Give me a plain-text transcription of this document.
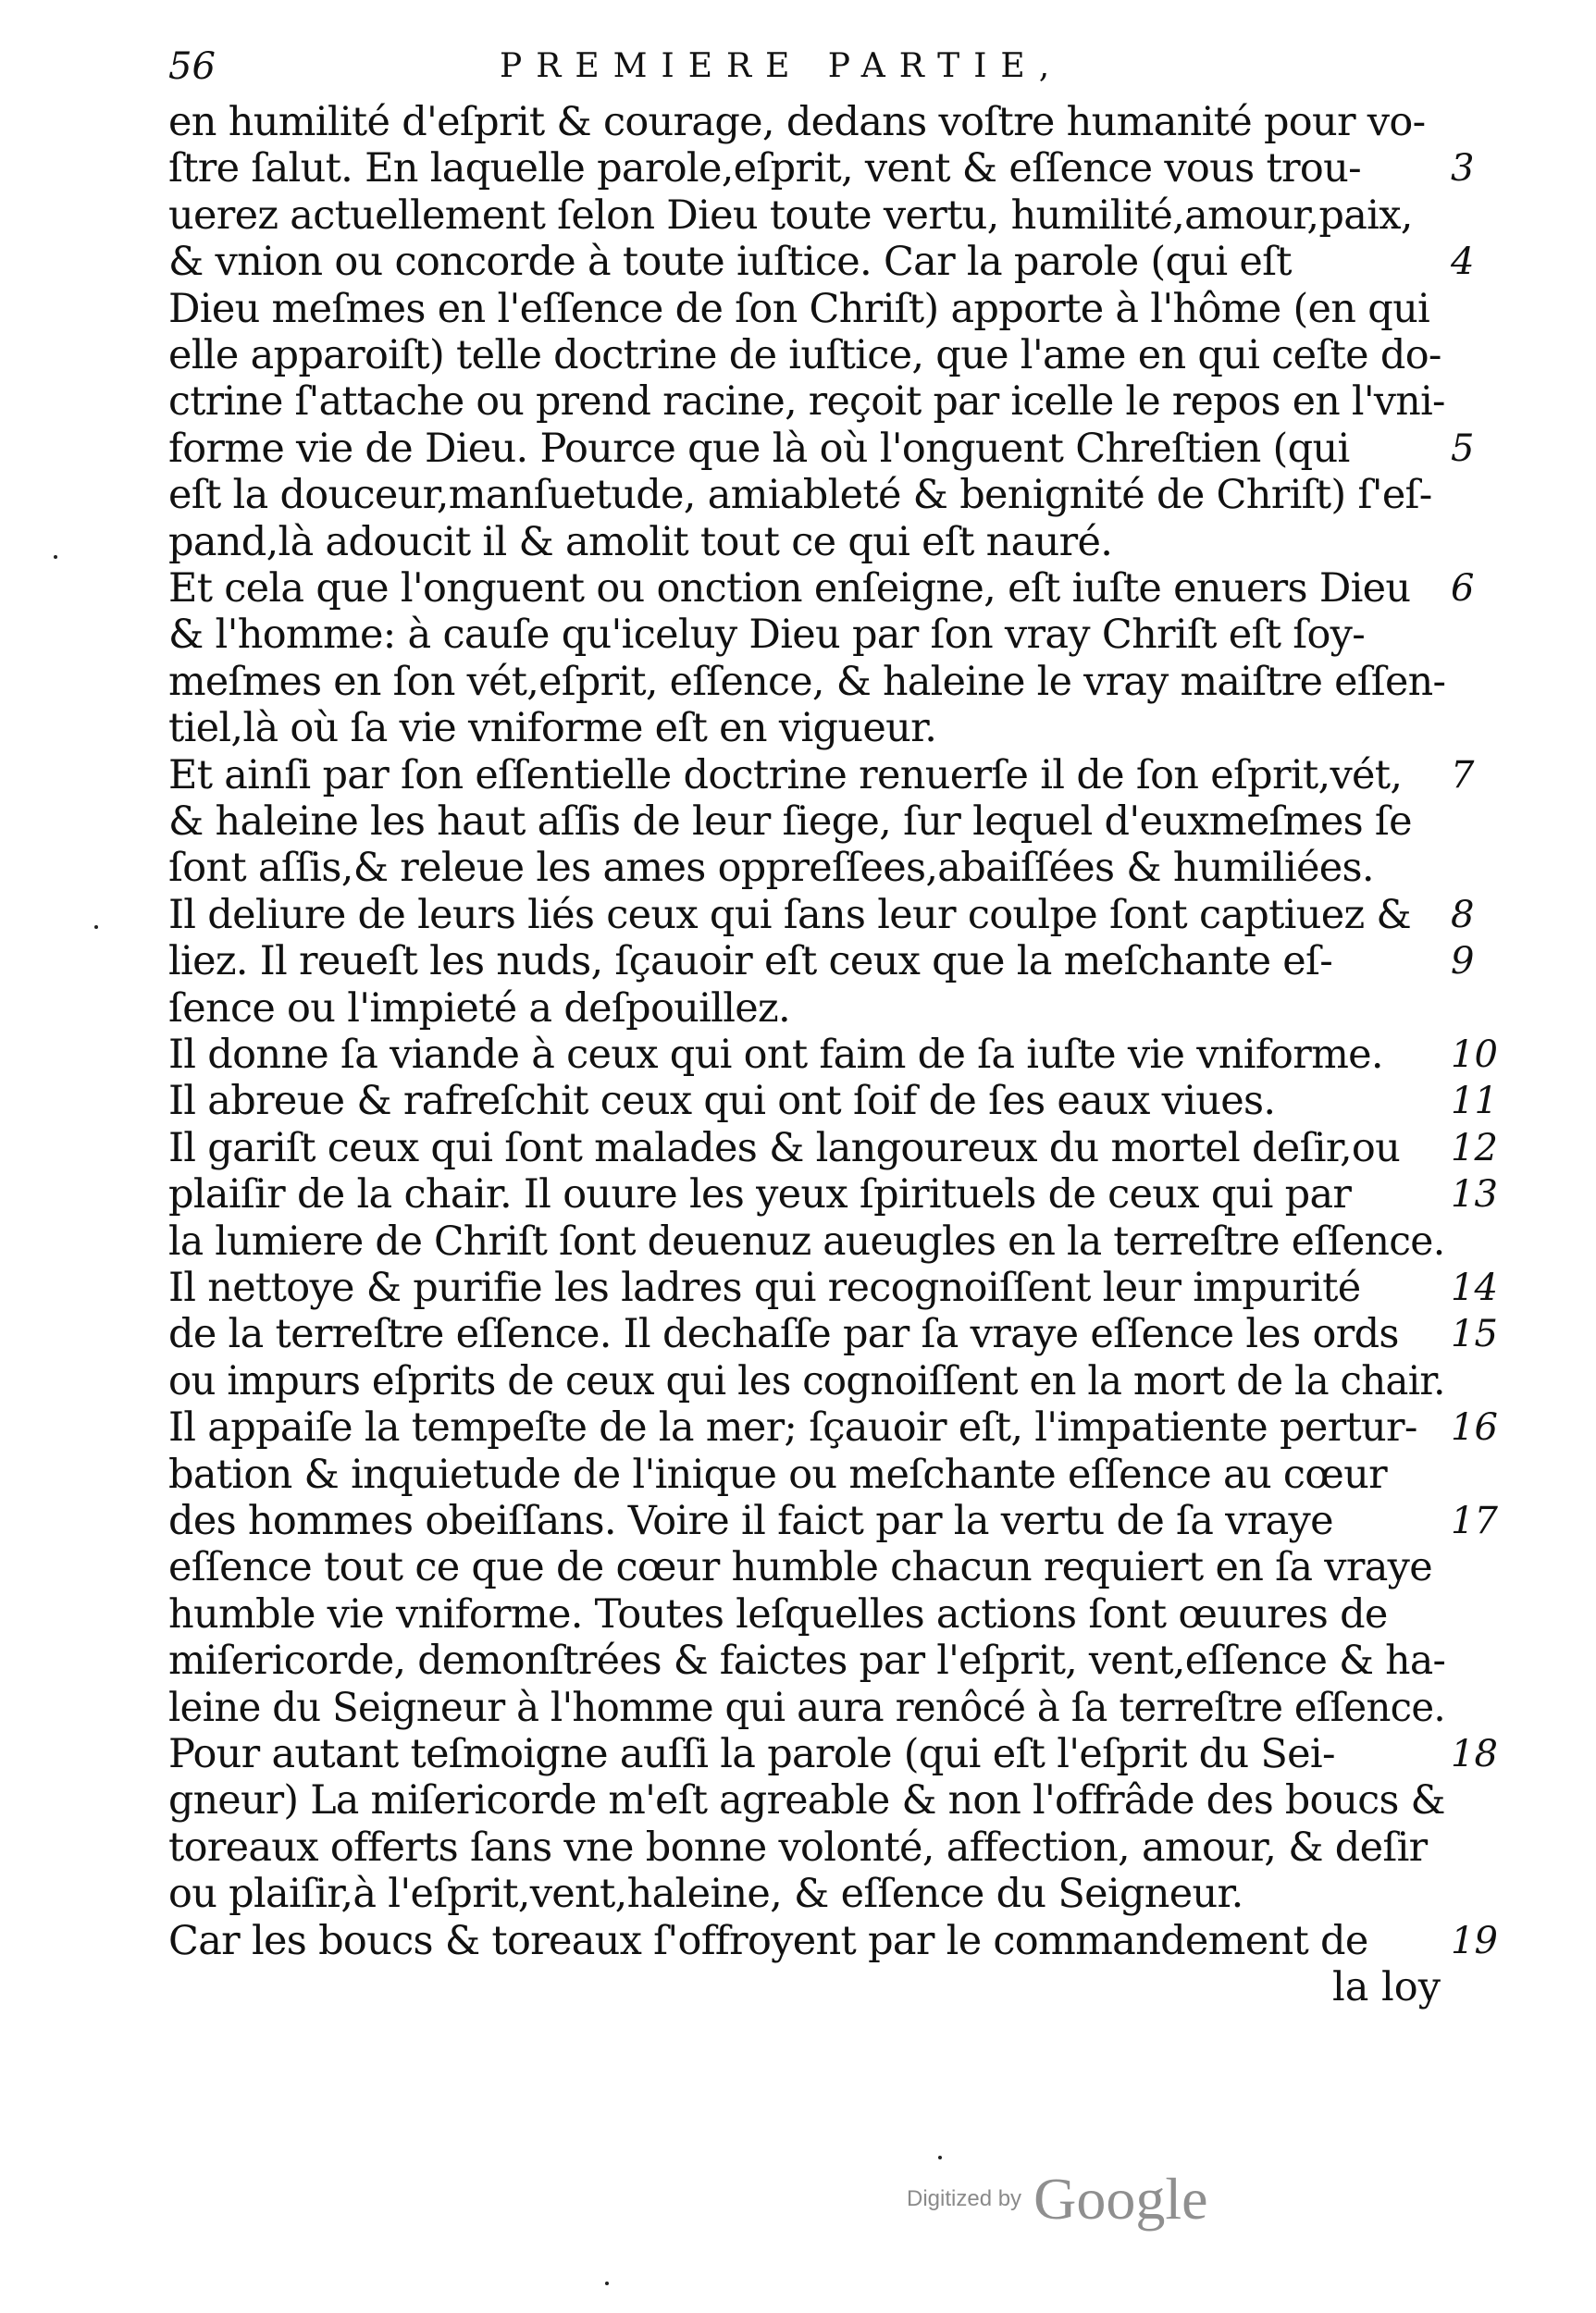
56	PREMIERE PARTIE,
en humilité d'eſprit & courage, dedans voſtre humanité pour vo-
ſtre ſalut. En laquelle parole,eſprit, vent & eſſence vous trou-
uerez actuellement ſelon Dieu toute vertu, humilité,amour,paix,
& vnion ou concorde à toute iuſtice. Car la parole (qui eſt
Dieu meſmes en l'eſſence de ſon Chriſt) apporte à l'hôme (en qui
elle apparoiſt) telle doctrine de iuſtice, que l'ame en qui ceſte do-
ctrine ſ'attache ou prend racine, reçoit par icelle le repos en l'vni-
forme vie de Dieu. Pource que là où l'onguent Chreſtien (qui
eſt la douceur,manſuetude, amiableté & benignité de Chriſt) ſ'eſ-
pand,là adoucit il & amolit tout ce qui eſt nauré.
Et cela que l'onguent ou onction enſeigne, eſt iuſte enuers Dieu
& l'homme: à cauſe qu'iceluy Dieu par ſon vray Chriſt eſt ſoy-
meſmes en ſon vét,eſprit, eſſence, & haleine le vray maiſtre eſſen-
tiel,là où ſa vie vniforme eſt en vigueur.
Et ainſi par ſon eſſentielle doctrine renuerſe il de ſon eſprit,vét,
& haleine les haut aſſis de leur ſiege, ſur lequel d'euxmeſmes ſe
ſont aſſis,& releue les ames oppreſſees,abaiſſées & humiliées.
Il deliure de leurs liés ceux qui ſans leur coulpe ſont captiuez &
liez. Il reueſt les nuds, ſçauoir eſt ceux que la meſchante eſ-
ſence ou l'impieté a deſpouillez.
Il donne ſa viande à ceux qui ont faim de ſa iuſte vie vniforme.
Il abreue & rafreſchit ceux qui ont ſoif de ſes eaux viues.
Il gariſt ceux qui ſont malades & langoureux du mortel deſir,ou
plaiſir de la chair. Il ouure les yeux ſpirituels de ceux qui par
la lumiere de Chriſt ſont deuenuz aueugles en la terreſtre eſſence.
Il nettoye & purifie les ladres qui recognoiſſent leur impurité
de la terreſtre eſſence. Il dechaſſe par ſa vraye eſſence les ords
ou impurs eſprits de ceux qui les cognoiſſent en la mort de la chair.
Il appaiſe la tempeſte de la mer; ſçauoir eſt, l'impatiente pertur-
bation & inquietude de l'inique ou meſchante eſſence au cœur
des hommes obeiſſans. Voire il faict par la vertu de ſa vraye
eſſence tout ce que de cœur humble chacun requiert en ſa vraye
humble vie vniforme. Toutes leſquelles actions ſont œuures de
miſericorde, demonſtrées & faictes par l'eſprit, vent,eſſence & ha-
leine du Seigneur à l'homme qui aura renôcé à ſa terreſtre eſſence.
Pour autant teſmoigne auſſi la parole (qui eſt l'eſprit du Sei-
gneur) La miſericorde m'eſt agreable & non l'offrâde des boucs &
toreaux offerts ſans vne bonne volonté, affection, amour, & deſir
ou plaiſir,à l'eſprit,vent,haleine, & eſſence du Seigneur.
Car les boucs & toreaux ſ'offroyent par le commandement de
3
4
5
6
7
8
9
10
11
12
13
14
15
16
17
18
19
la loy
Digitized by Google
